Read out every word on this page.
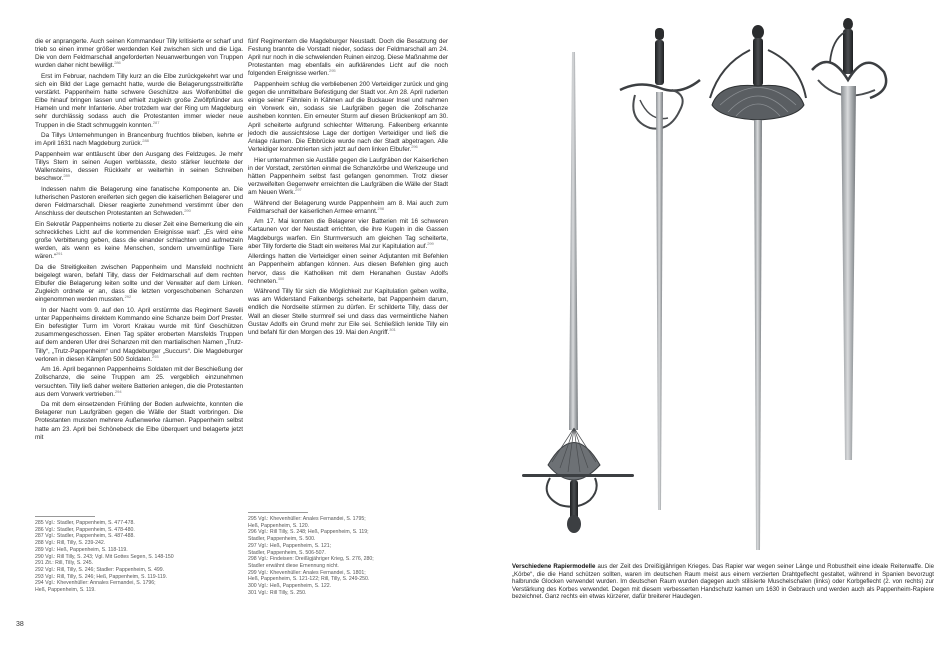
die er anprangerte. Auch seinen Kommandeur Tilly kritisierte er scharf und trieb so einen immer größer werdenden Keil zwischen sich und die Liga. Die von dem Feldmarschall angeforderten Neuanwerbungen von Truppen wurden daher nicht bewilligt.$^{286}$

Erst im Februar, nachdem Tilly kurz an die Elbe zurückgekehrt war und sich ein Bild der Lage gemacht hatte, wurde die Belagerungsstreitkräfte verstärkt. Pappenheim hatte schwere Geschütze aus Wolfenbüttel die Elbe hinauf bringen lassen und erhielt zugleich große Zwölfpfünder aus Hameln und mehr Infanterie. Aber trotzdem war der Ring um Magdeburg sehr durchlässig sodass auch die Protestanten immer wieder neue Truppen in die Stadt schmuggeln konnten.$^{287}$

Da Tillys Unternehmungen in Brancenburg fruchtlos blieben, kehrte er im April 1631 nach Magdeburg zurück.$^{288}$

Pappenheim war enttäuscht über den Ausgang des Feldzuges. Je mehr Tillys Stern in seinen Augen verblasste, desto stärker leuchtete der Wallensteins, dessen Rückkehr er weiterhin in seinen Schreiben beschwor.$^{289}$

Indessen nahm die Belagerung eine fanatische Komponente an. Die lutherischen Pastoren ereiferten sich gegen die kaiserlichen Belagerer und deren Feldmarschall. Dieser reagierte zunehmend verstimmt über den Anschluss der deutschen Protestanten an Schweden.$^{290}$

Ein Sekretär Pappenheims notierte zu dieser Zeit eine Bemerkung die ein schreckliches Licht auf die kommenden Ereignisse warf: „Es wird eine große Verbitterung geben, dass die einander schlachten und aufmetzeln werden, als wenn es keine Menschen, sondern unvernünftige Tiere wären.“$^{291}$

Da die Streitigkeiten zwischen Pappenheim und Mansfeld nochnicht beigelegt waren, befahl Tilly, dass der Feldmarschall auf dem rechten Elbufer die Belagerung leiten sollte und der Verwalter auf dem Linken. Zugleich ordnete er an, dass die letzten vorgeschobenen Schanzen eingenommen werden mussten.$^{292}$

In der Nacht vom 9. auf den 10. April erstürmte das Regiment Savelli unter Pappenheims direktem Kommando eine Schanze beim Dorf Prester. Ein befestigter Turm im Vorort Krakau wurde mit fünf Geschützen zusammengeschossen. Einen Tag später eroberten Mansfelds Truppen auf dem anderen Ufer drei Schanzen mit den martialischen Namen „Trutz-Tilly“, „Trutz-Pappenheim“ und Magdeburger „Succurs“. Die Magdeburger verloren in diesen Kämpfen 500 Soldaten.$^{293}$

Am 16. April begannen Pappenheims Soldaten mit der Beschießung der Zollschanze, die seine Truppen am 25. vergeblich einzunehmen versuchten. Tilly ließ daher weitere Batterien anlegen, die die Protestanten aus dem Vorwerk vertrieben.$^{294}$

Da mit dem einsetzenden Frühling der Boden aufweichte, konnten die Belagerer nun Laufgräben gegen die Wälle der Stadt vorbringen. Die Protestanten mussten mehrere Außenwerke räumen. Pappenheim selbst hatte am 23. April bei Schönebeck die Elbe überquert und belagerte jetzt mit

fünf Regimentern die Magdeburger Neustadt. Doch die Besatzung der Festung brannte die Vorstadt nieder, sodass der Feldmarschall am 24. April nur noch in die schwelenden Ruinen einzog. Diese Maßnahme der Protestanten mag ebenfalls ein aufklärendes Licht auf die noch folgenden Ereignisse werfen.$^{295}$

Pappenheim schlug die verbliebenen 200 Verteidiger zurück und ging gegen die unmittelbare Befestigung der Stadt vor. Am 28. April ruderten einige seiner Fähnlein in Kähnen auf die Buckauer Insel und nahmen ein Vorwerk ein, sodass sie Laufgräben gegen die Zollschanze ausheben konnten. Ein erneuter Sturm auf diesen Brückenkopf am 30. April scheiterte aufgrund schlechter Witterung. Falkenberg erkannte jedoch die aussichtslose Lage der dortigen Verteidiger und ließ die Anlage räumen. Die Elbbrücke wurde nach der Stadt abgetragen. Alle Verteidiger konzentrierten sich jetzt auf dem linken Elbufer.$^{296}$

Hier unternahmen sie Ausfälle gegen die Laufgräben der Kaiserlichen in der Vorstadt, zerstörten einmal die Schanzkörbe und Werkzeuge und hätten Pappenheim selbst fast gefangen genommen. Trotz dieser verzweifelten Gegenwehr erreichten die Laufgräben die Wälle der Stadt am Neuen Werk.$^{297}$

Während der Belagerung wurde Pappenheim am 8. Mai auch zum Feldmarschall der kaiserlichen Armee ernannt.$^{298}$

Am 17. Mai konnten die Belagerer vier Batterien mit 16 schweren Kartaunen vor der Neustadt errichten, die ihre Kugeln in die Gassen Magdeburgs warfen. Ein Sturmversuch am gleichen Tag scheiterte, aber Tilly forderte die Stadt ein weiteres Mal zur Kapitulation auf.$^{299}$

Allerdings hatten die Verteidiger einen seiner Adjutanten mit Befehlen an Pappenheim abfangen können. Aus diesen Befehlen ging auch hervor, dass die Katholiken mit dem Heranahen Gustav Adolfs rechneten.$^{300}$

Während Tilly für sich die Möglichkeit zur Kapitulation geben wollte, was am Widerstand Falkenbergs scheiterte, bat Pappenheim darum, endlich die Nordseite stürmen zu dürfen. Er schilderte Tilly, dass der Wall an dieser Stelle sturmreif sei und dass das vermeintliche Nahen Gustav Adolfs ein Grund mehr zur Eile sei. Schließlich lenkte Tilly ein und befahl für den Morgen des 19. Mai den Angriff.$^{301}$

285 Vgl.: Stadler, Pappenheim, S. 477-478.
286 Vgl.: Stadler, Pappenheim, S. 478-480.
287 Vgl.: Stadler, Pappenheim, S. 487-488.
288 Vgl.: Rill, Tilly, S. 239-242.
289 Vgl.: Heß, Pappenheim, S. 118-119.
290 Vgl.: Rill Tilly, S. 243; Vgl. Mit Gottes Segen, S. 148-150
291 Zit.: Rill, Tilly, S. 245.
292 Vgl.: Rill, Tilly, S. 246; Stadler: Pappenheim, S. 499.
293 Vgl.: Rill, Tilly, S. 246; Heß, Pappenheim, S. 119-119.
294 Vgl.: Khevenhüller: Annales Fernandei, S. 1796;
Heß, Pappenheim, S. 119.
295 Vgl.: Khevenhüller: Anales Fernandei, S. 1795;
Heß, Pappenheim, S. 120.
296 Vgl.: Rill Tilly, S. 248; Heß, Pappenheim, S. 119;
Stadler, Pappenheim, S. 500.
297 Vgl.: Heß, Pappenheim, S. 121;
Stadler, Pappenheim, S. 506-507.
298 Vgl.: Findeisen: Dreißigjähriger Krieg, S. 276, 280;
Stadler erwähnt diese Ernennung nicht.
299 Vgl.: Khevenhüller: Anales Fernandei, S. 1801;
Heß, Pappenheim, S. 121-122; Rill, Tilly, S. 249-250.
300 Vgl.: Heß, Pappenheim, S. 122.
301 Vgl.: Rill Tilly, S. 250.
38
Verschiedene Rapiermodelle aus der Zeit des Dreißigjährigen Krieges. Das Rapier war wegen seiner Länge und Robustheit eine ideale Reiterwaffe. Die „Körbe“, die die Hand schützen sollten, waren im deutschen Raum meist aus einem verzierten Drahtgeflecht gestaltet, während in Spanien bevorzugt halbrunde Glocken verwendet wurden. Im deutschen Raum wurden dagegen auch stilisierte Muschelschalen (links) oder Korbgeflecht (2. von rechts) zur Verstärkung des Korbes verwendet. Degen mit diesem verbesserten Handschutz kamen um 1630 in Gebrauch und werden auch als Pappenheim-Rapiere bezeichnet. Ganz rechts ein etwas kürzerer, dafür breiterer Haudegen.
